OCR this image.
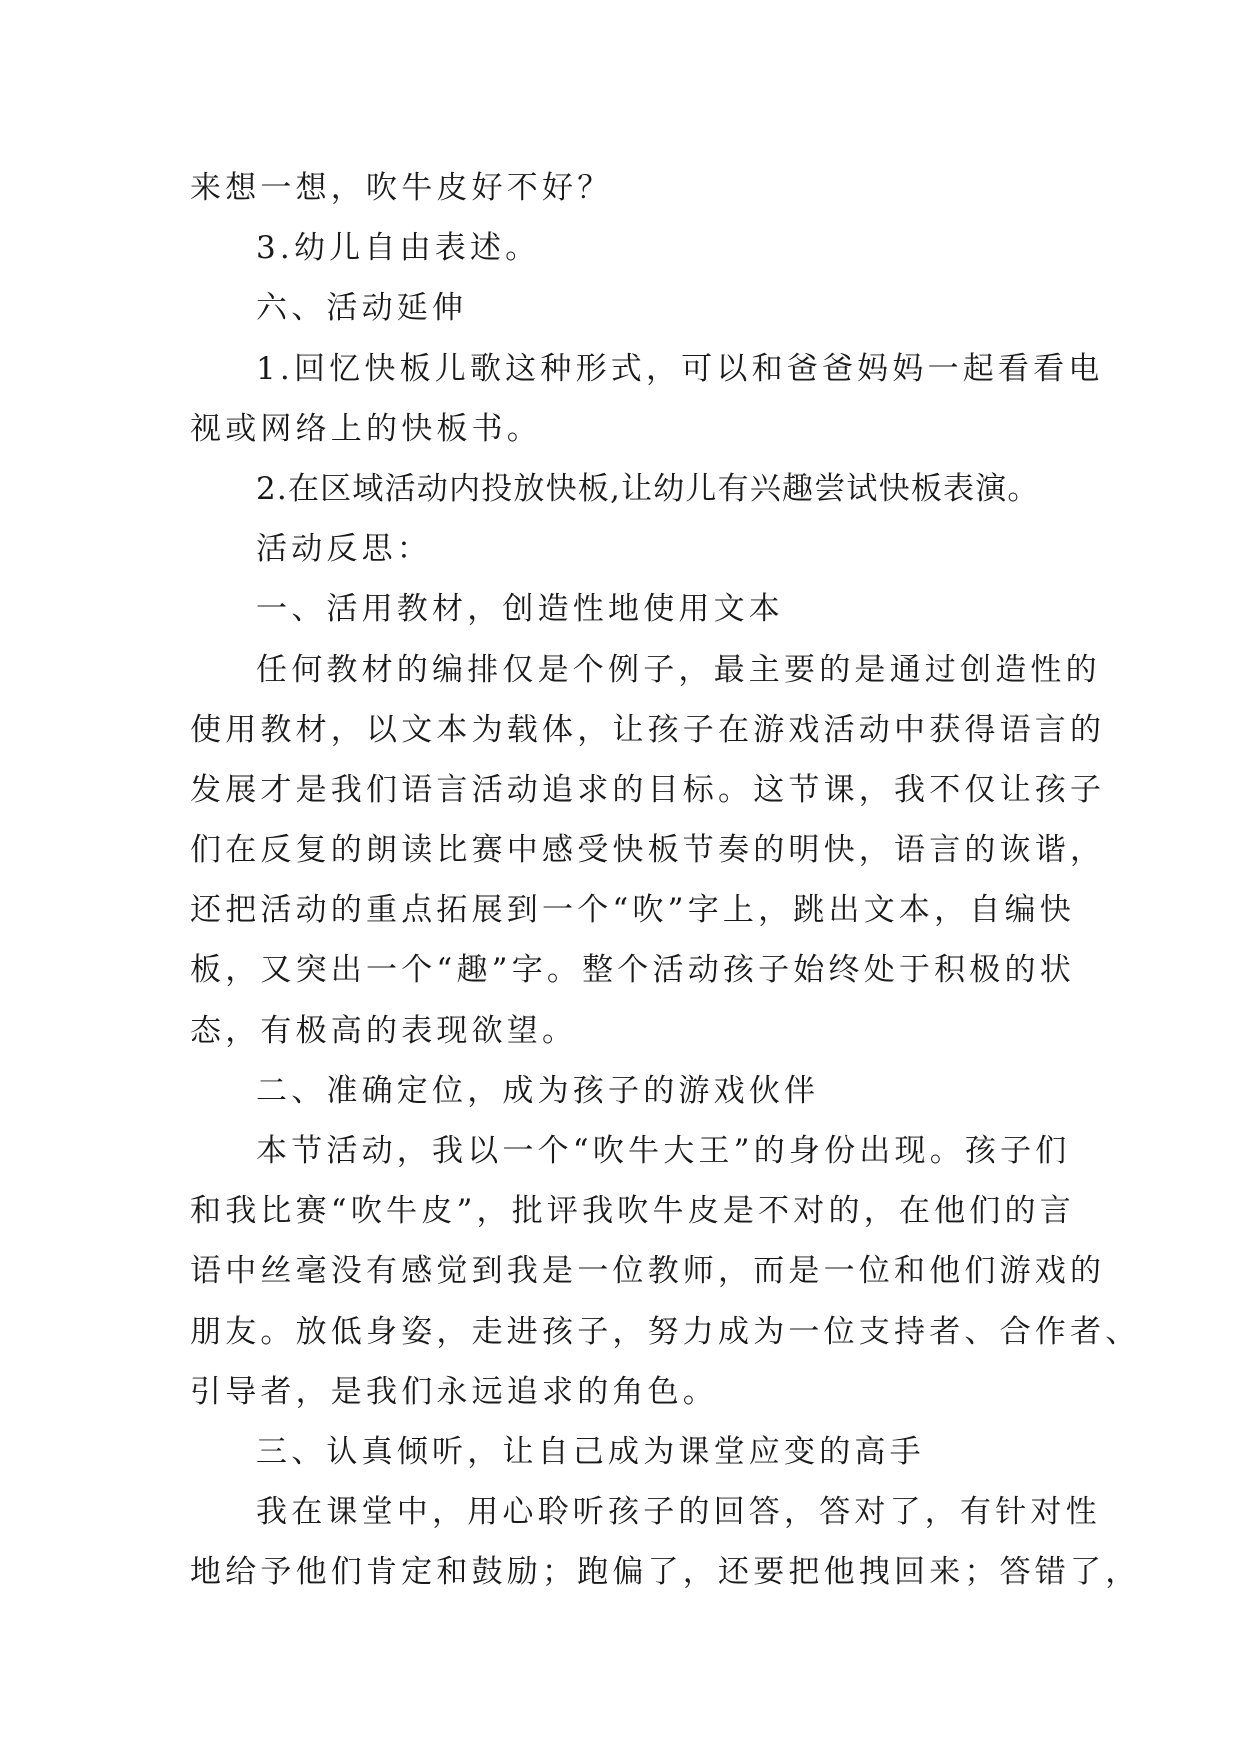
来想一想，吹牛皮好不好？
3.幼儿自由表述。
六、活动延伸
1.回忆快板儿歌这种形式，可以和爸爸妈妈一起看看电
视或网络上的快板书。
2.在区域活动内投放快板,让幼儿有兴趣尝试快板表演。
活动反思：
一、活用教材，创造性地使用文本
任何教材的编排仅是个例子，最主要的是通过创造性的
使用教材，以文本为载体，让孩子在游戏活动中获得语言的
发展才是我们语言活动追求的目标。这节课，我不仅让孩子
们在反复的朗读比赛中感受快板节奏的明快，语言的诙谐，
还把活动的重点拓展到一个“吹”字上，跳出文本，自编快
板，又突出一个“趣”字。整个活动孩子始终处于积极的状
态，有极高的表现欲望。
二、准确定位，成为孩子的游戏伙伴
本节活动，我以一个“吹牛大王”的身份出现。孩子们
和我比赛“吹牛皮”，批评我吹牛皮是不对的，在他们的言
语中丝毫没有感觉到我是一位教师，而是一位和他们游戏的
朋友。放低身姿，走进孩子，努力成为一位支持者、合作者、
引导者，是我们永远追求的角色。
三、认真倾听，让自己成为课堂应变的高手
我在课堂中，用心聆听孩子的回答，答对了，有针对性
地给予他们肯定和鼓励；跑偏了，还要把他拽回来；答错了，
